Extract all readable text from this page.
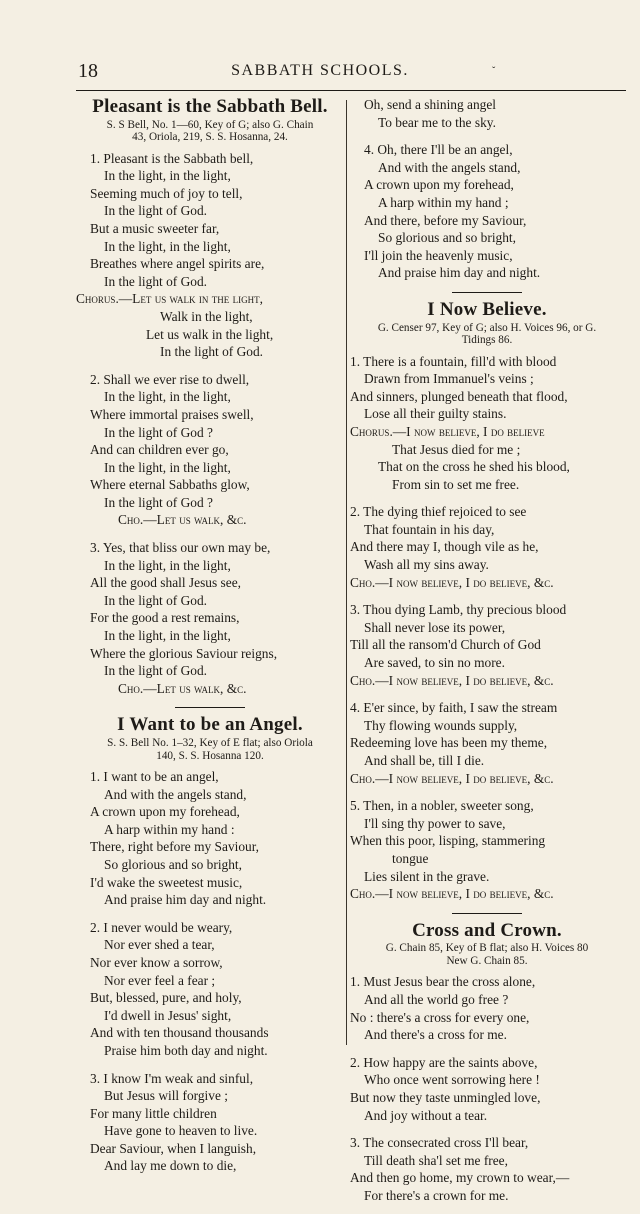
18	SABBATH SCHOOLS.	ˇ
Pleasant is the Sabbath Bell.
S. S Bell, No. 1—60, Key of G; also G. Chain
43, Oriola, 219, S. S. Hosanna, 24.
1. Pleasant is the Sabbath bell,
In the light, in the light,
Seeming much of joy to tell,
In the light of God.
But a music sweeter far,
In the light, in the light,
Breathes where angel spirits are,
In the light of God.
Chorus.—Let us walk in the light,
Walk in the light,
Let us walk in the light,
In the light of God.
2. Shall we ever rise to dwell,
In the light, in the light,
Where immortal praises swell,
In the light of God ?
And can children ever go,
In the light, in the light,
Where eternal Sabbaths glow,
In the light of God ?
Cho.—Let us walk, &c.
3. Yes, that bliss our own may be,
In the light, in the light,
All the good shall Jesus see,
In the light of God.
For the good a rest remains,
In the light, in the light,
Where the glorious Saviour reigns,
In the light of God.
Cho.—Let us walk, &c.
I Want to be an Angel.
S. S. Bell No. 1–32, Key of E flat; also Oriola
140, S. S. Hosanna 120.
1. I want to be an angel,
And with the angels stand,
A crown upon my forehead,
A harp within my hand :
There, right before my Saviour,
So glorious and so bright,
I'd wake the sweetest music,
And praise him day and night.
2. I never would be weary,
Nor ever shed a tear,
Nor ever know a sorrow,
Nor ever feel a fear ;
But, blessed, pure, and holy,
I'd dwell in Jesus' sight,
And with ten thousand thousands
Praise him both day and night.
3. I know I'm weak and sinful,
But Jesus will forgive ;
For many little children
Have gone to heaven to live.
Dear Saviour, when I languish,
And lay me down to die,
Oh, send a shining angel
To bear me to the sky.
4. Oh, there I'll be an angel,
And with the angels stand,
A crown upon my forehead,
A harp within my hand ;
And there, before my Saviour,
So glorious and so bright,
I'll join the heavenly music,
And praise him day and night.
I Now Believe.
G. Censer 97, Key of G; also H. Voices 96, or G.
Tidings 86.
1. There is a fountain, fill'd with blood
Drawn from Immanuel's veins ;
And sinners, plunged beneath that flood,
Lose all their guilty stains.
Chorus.—I now believe, I do believe
That Jesus died for me ;
That on the cross he shed his blood,
From sin to set me free.
2. The dying thief rejoiced to see
That fountain in his day,
And there may I, though vile as he,
Wash all my sins away.
Cho.—I now believe, I do believe, &c.
3. Thou dying Lamb, thy precious blood
Shall never lose its power,
Till all the ransom'd Church of God
Are saved, to sin no more.
Cho.—I now believe, I do believe, &c.
4. E'er since, by faith, I saw the stream
Thy flowing wounds supply,
Redeeming love has been my theme,
And shall be, till I die.
Cho.—I now believe, I do believe, &c.
5. Then, in a nobler, sweeter song,
I'll sing thy power to save,
When this poor, lisping, stammering
tongue
Lies silent in the grave.
Cho.—I now believe, I do believe, &c.
Cross and Crown.
G. Chain 85, Key of B flat; also H. Voices 80
New G. Chain 85.
1. Must Jesus bear the cross alone,
And all the world go free ?
No : there's a cross for every one,
And there's a cross for me.
2. How happy are the saints above,
Who once went sorrowing here !
But now they taste unmingled love,
And joy without a tear.
3. The consecrated cross I'll bear,
Till death sha'l set me free,
And then go home, my crown to wear,—
For there's a crown for me.
